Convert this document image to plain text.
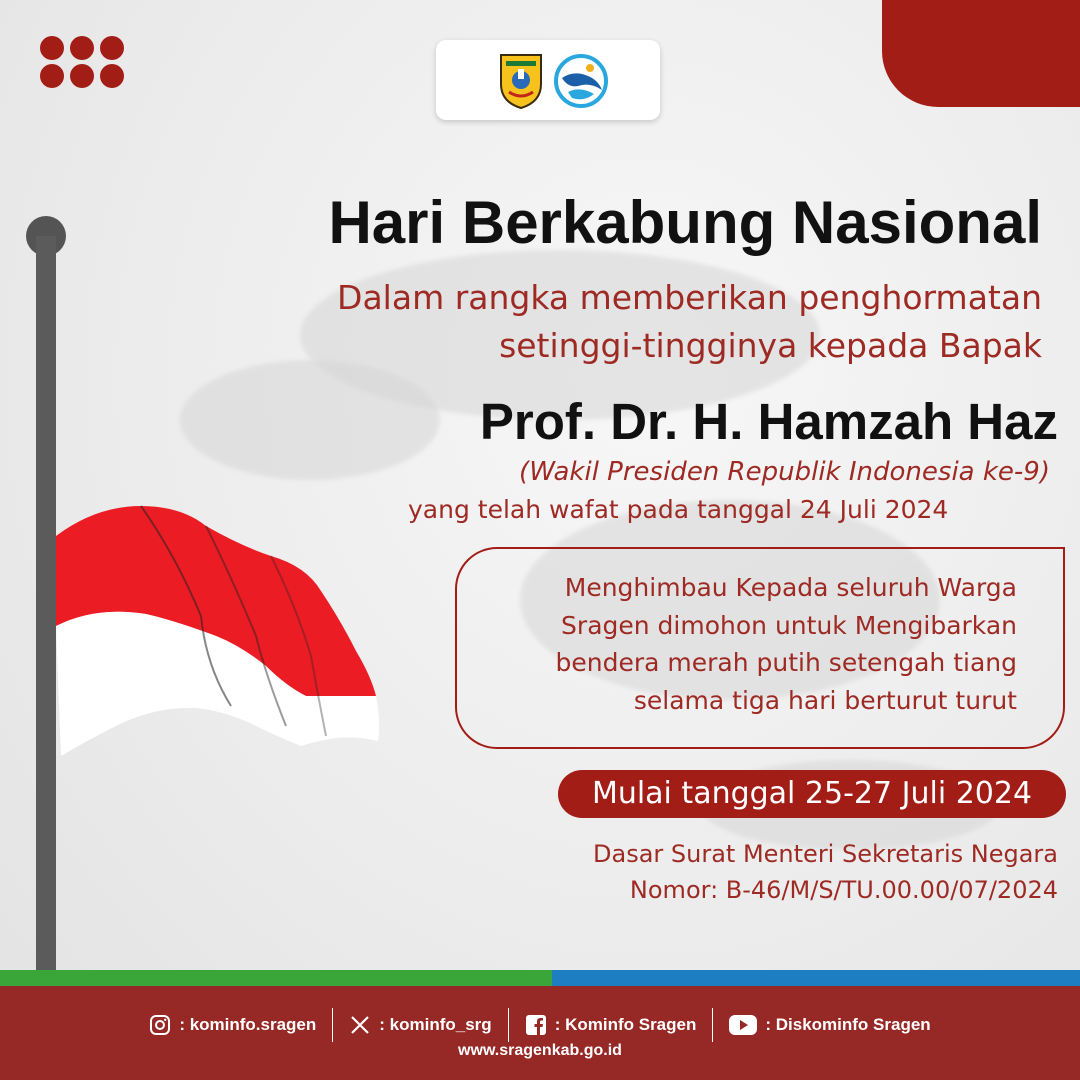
Hari Berkabung Nasional
Dalam rangka memberikan penghormatan
setinggi-tingginya kepada Bapak
Prof. Dr. H. Hamzah Haz
(Wakil Presiden Republik Indonesia ke-9)
yang telah wafat pada tanggal 24 Juli 2024
Menghimbau Kepada seluruh Warga
Sragen dimohon untuk Mengibarkan
bendera merah putih setengah tiang
selama tiga hari berturut turut
Mulai tanggal 25-27 Juli 2024
Dasar Surat Menteri Sekretaris Negara
Nomor: B-46/M/S/TU.00.00/07/2024
: kominfo.sragen	: kominfo_srg	: Kominfo Sragen	: Diskominfo Sragen
www.sragenkab.go.id
